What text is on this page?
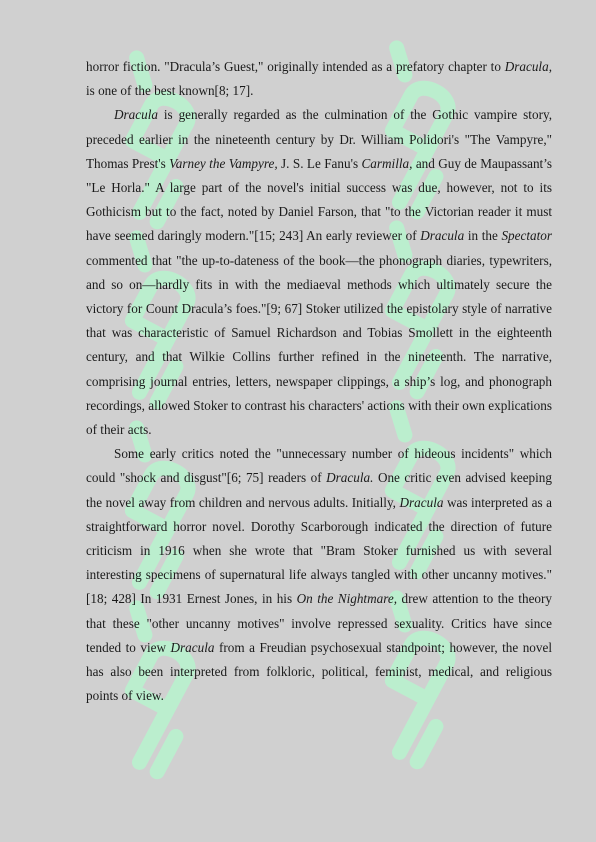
horror fiction. "Dracula’s Guest," originally intended as a prefatory chapter to Dracula, is one of the best known[8; 17].

Dracula is generally regarded as the culmination of the Gothic vampire story, preceded earlier in the nineteenth century by Dr. William Polidori's "The Vampyre," Thomas Prest's Varney the Vampyre, J. S. Le Fanu's Carmilla, and Guy de Maupassant’s "Le Horla." A large part of the novel's initial success was due, however, not to its Gothicism but to the fact, noted by Daniel Farson, that "to the Victorian reader it must have seemed daringly modern."[15; 243] An early reviewer of Dracula in the Spectator commented that "the up-to-dateness of the book—the phonograph diaries, typewriters, and so on—hardly fits in with the mediaeval methods which ultimately secure the victory for Count Dracula’s foes."[9; 67] Stoker utilized the epistolary style of narrative that was characteristic of Samuel Richardson and Tobias Smollett in the eighteenth century, and that Wilkie Collins further refined in the nineteenth. The narrative, comprising journal entries, letters, newspaper clippings, a ship’s log, and phonograph recordings, allowed Stoker to contrast his characters' actions with their own explications of their acts.

Some early critics noted the "unnecessary number of hideous incidents" which could "shock and disgust"[6; 75] readers of Dracula. One critic even advised keeping the novel away from children and nervous adults. Initially, Dracula was interpreted as a straightforward horror novel. Dorothy Scarborough indicated the direction of future criticism in 1916 when she wrote that "Bram Stoker furnished us with several interesting specimens of supernatural life always tangled with other uncanny motives."[18; 428] In 1931 Ernest Jones, in his On the Nightmare, drew attention to the theory that these "other uncanny motives" involve repressed sexuality. Critics have since tended to view Dracula from a Freudian psychosexual standpoint; however, the novel has also been interpreted from folkloric, political, feminist, medical, and religious points of view.
